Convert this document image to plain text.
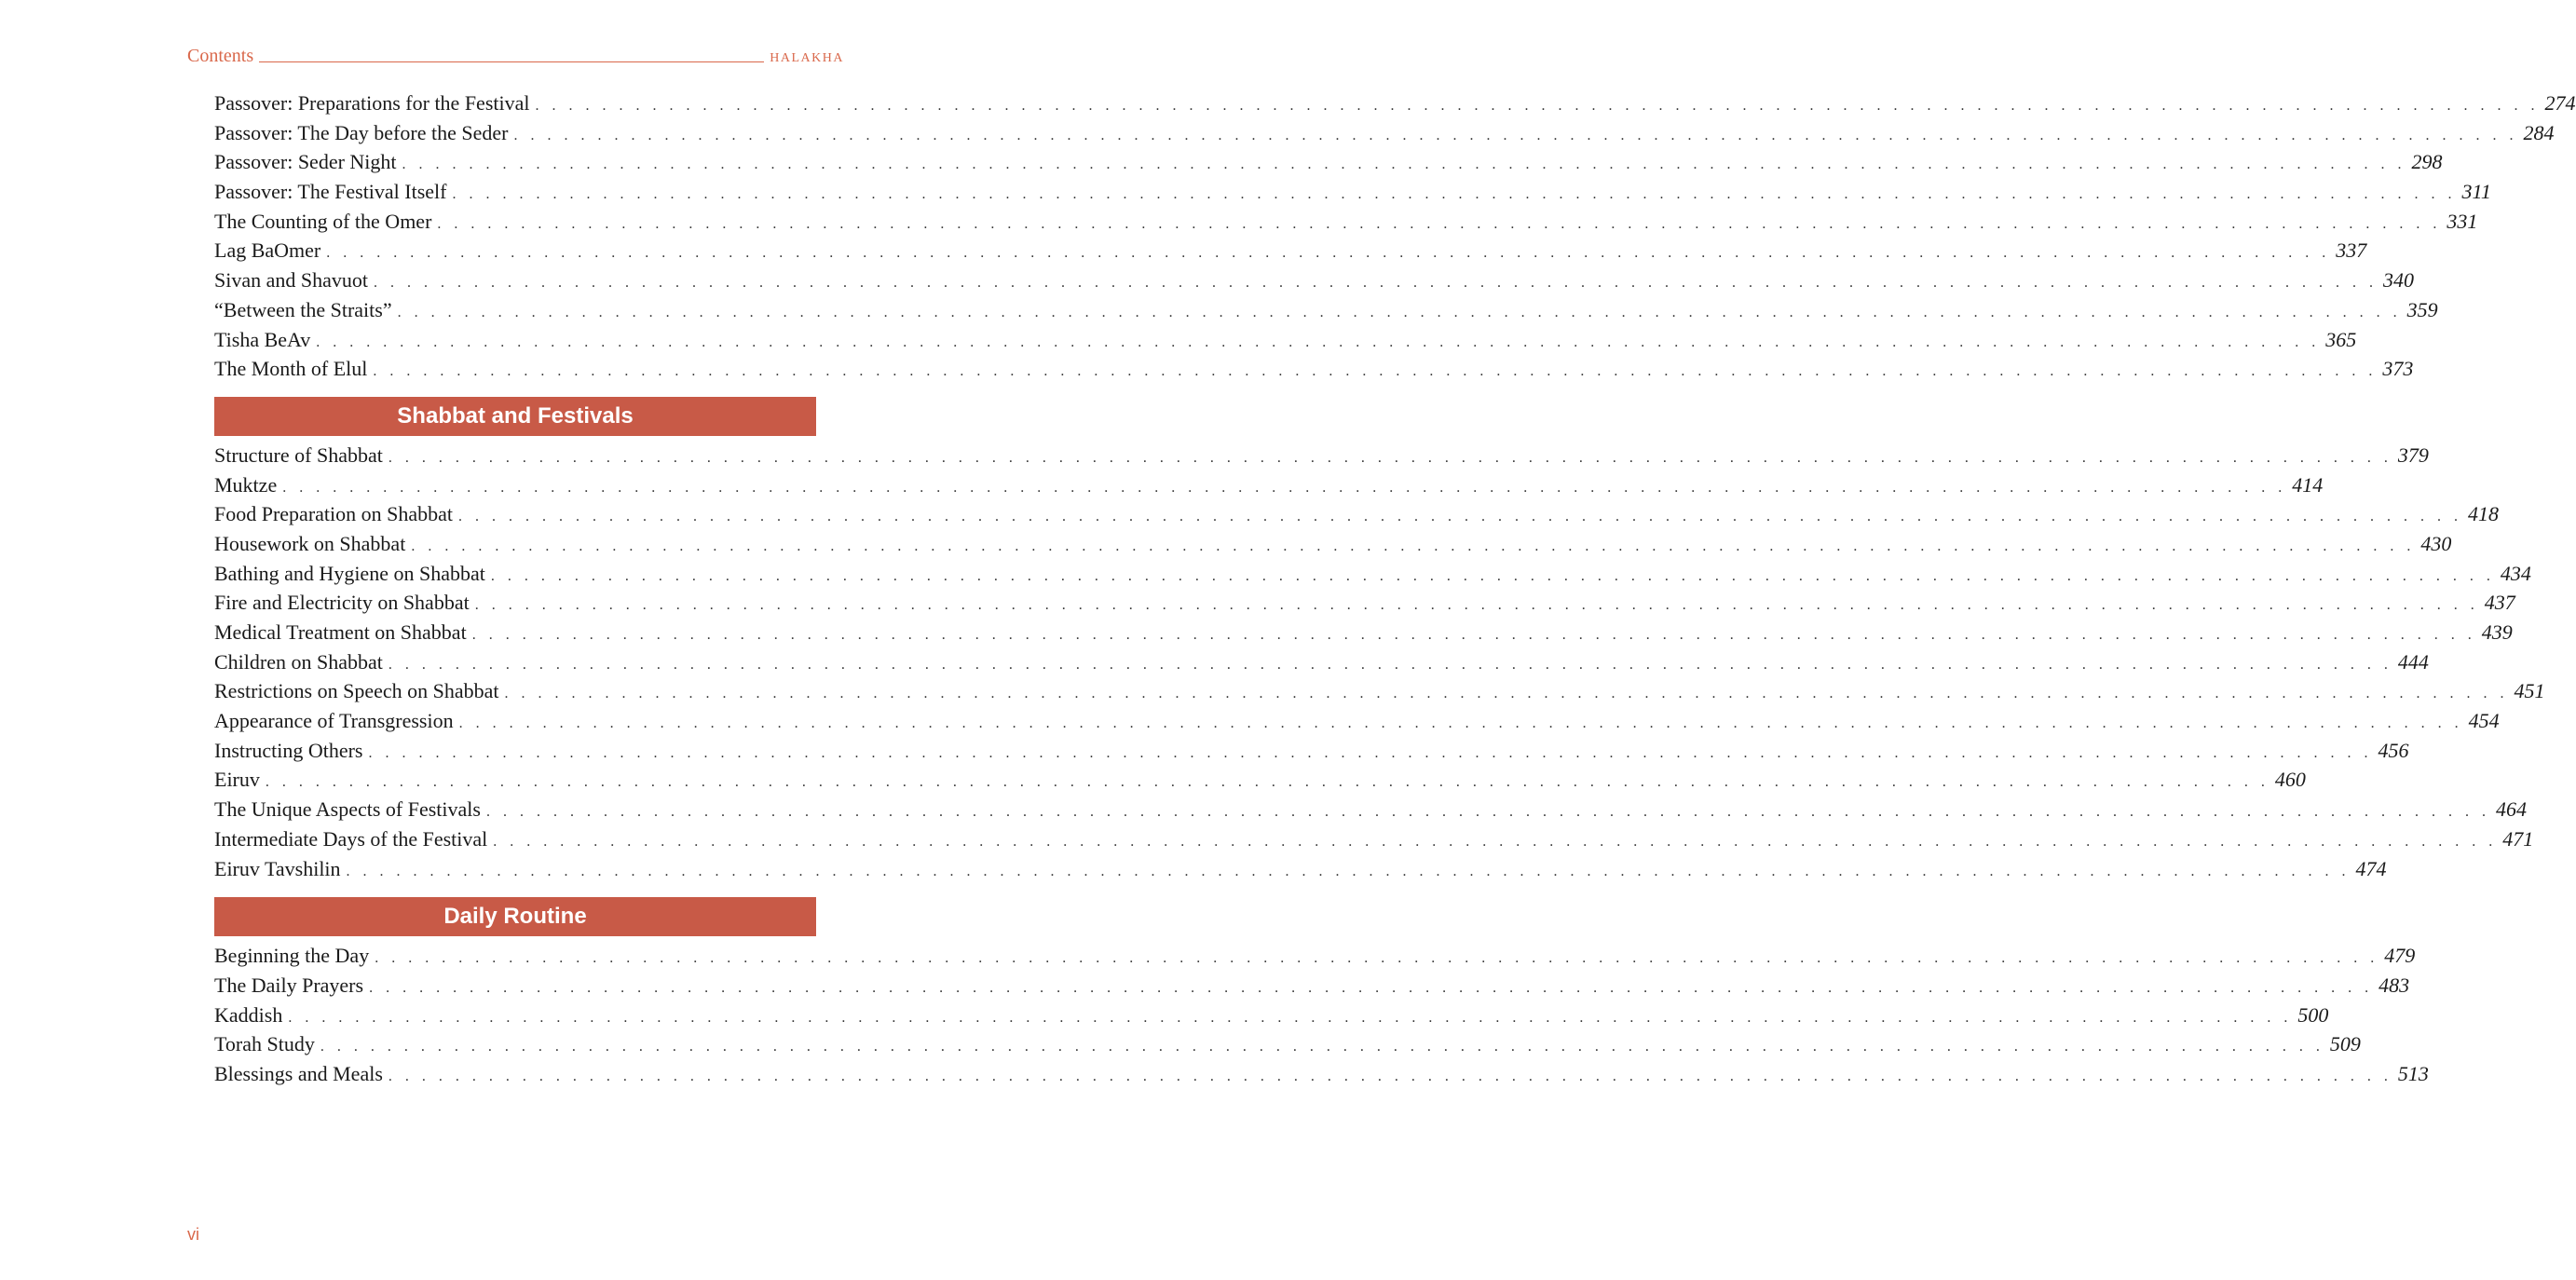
Contents	HALAKHA
Passover: Preparations for the Festival . . . . . . . . . . . . . . . . . . . . . . . . . . . . . . . . . . . . . . . . . . . . . . . . . . . . . . . . . . . . . . . . . . . . . . . . . . . . . . . . . . . . . . . . . . . . . . . . . . . . . . . . . . . . . . . . . . . . . . . . 274
Passover: The Day before the Seder . . . . . . . . . . . . . . . . . . . . . . . . . . . . . . . . . . . . . . . . . . . . . . . . . . . . . . . . . . . . . . . . . . . . . . . . . . . . . . . . . . . . . . . . . . . . . . . . . . . . . . . . . . . . . . . . . . . . . . . . 284
Passover: Seder Night . . . . . . . . . . . . . . . . . . . . . . . . . . . . . . . . . . . . . . . . . . . . . . . . . . . . . . . . . . . . . . . . . . . . . . . . . . . . . . . . . . . . . . . . . . . . . . . . . . . . . . . . . . . . . . . . . . . . . . . . 298
Passover: The Festival Itself . . . . . . . . . . . . . . . . . . . . . . . . . . . . . . . . . . . . . . . . . . . . . . . . . . . . . . . . . . . . . . . . . . . . . . . . . . . . . . . . . . . . . . . . . . . . . . . . . . . . . . . . . . . . . . . . . . . . . . . . 311
The Counting of the Omer . . . . . . . . . . . . . . . . . . . . . . . . . . . . . . . . . . . . . . . . . . . . . . . . . . . . . . . . . . . . . . . . . . . . . . . . . . . . . . . . . . . . . . . . . . . . . . . . . . . . . . . . . . . . . . . . . . . . . . . . 331
Lag BaOmer . . . . . . . . . . . . . . . . . . . . . . . . . . . . . . . . . . . . . . . . . . . . . . . . . . . . . . . . . . . . . . . . . . . . . . . . . . . . . . . . . . . . . . . . . . . . . . . . . . . . . . . . . . . . . . . . . . . . . . . . 337
Sivan and Shavuot . . . . . . . . . . . . . . . . . . . . . . . . . . . . . . . . . . . . . . . . . . . . . . . . . . . . . . . . . . . . . . . . . . . . . . . . . . . . . . . . . . . . . . . . . . . . . . . . . . . . . . . . . . . . . . . . . . . . . . . . 340
“Between the Straits” . . . . . . . . . . . . . . . . . . . . . . . . . . . . . . . . . . . . . . . . . . . . . . . . . . . . . . . . . . . . . . . . . . . . . . . . . . . . . . . . . . . . . . . . . . . . . . . . . . . . . . . . . . . . . . . . . . . . . . . . 359
Tisha BeAv . . . . . . . . . . . . . . . . . . . . . . . . . . . . . . . . . . . . . . . . . . . . . . . . . . . . . . . . . . . . . . . . . . . . . . . . . . . . . . . . . . . . . . . . . . . . . . . . . . . . . . . . . . . . . . . . . . . . . . . . 365
The Month of Elul . . . . . . . . . . . . . . . . . . . . . . . . . . . . . . . . . . . . . . . . . . . . . . . . . . . . . . . . . . . . . . . . . . . . . . . . . . . . . . . . . . . . . . . . . . . . . . . . . . . . . . . . . . . . . . . . . . . . . . . . 373
Shabbat and Festivals
Structure of Shabbat . . . . . . . . . . . . . . . . . . . . . . . . . . . . . . . . . . . . . . . . . . . . . . . . . . . . . . . . . . . . . . . . . . . . . . . . . . . . . . . . . . . . . . . . . . . . . . . . . . . . . . . . . . . . . . . . . . . . . . . . 379
Muktze . . . . . . . . . . . . . . . . . . . . . . . . . . . . . . . . . . . . . . . . . . . . . . . . . . . . . . . . . . . . . . . . . . . . . . . . . . . . . . . . . . . . . . . . . . . . . . . . . . . . . . . . . . . . . . . . . . . . . . . . 414
Food Preparation on Shabbat . . . . . . . . . . . . . . . . . . . . . . . . . . . . . . . . . . . . . . . . . . . . . . . . . . . . . . . . . . . . . . . . . . . . . . . . . . . . . . . . . . . . . . . . . . . . . . . . . . . . . . . . . . . . . . . . . . . . . . . . 418
Housework on Shabbat . . . . . . . . . . . . . . . . . . . . . . . . . . . . . . . . . . . . . . . . . . . . . . . . . . . . . . . . . . . . . . . . . . . . . . . . . . . . . . . . . . . . . . . . . . . . . . . . . . . . . . . . . . . . . . . . . . . . . . . . 430
Bathing and Hygiene on Shabbat . . . . . . . . . . . . . . . . . . . . . . . . . . . . . . . . . . . . . . . . . . . . . . . . . . . . . . . . . . . . . . . . . . . . . . . . . . . . . . . . . . . . . . . . . . . . . . . . . . . . . . . . . . . . . . . . . . . . . . . . 434
Fire and Electricity on Shabbat . . . . . . . . . . . . . . . . . . . . . . . . . . . . . . . . . . . . . . . . . . . . . . . . . . . . . . . . . . . . . . . . . . . . . . . . . . . . . . . . . . . . . . . . . . . . . . . . . . . . . . . . . . . . . . . . . . . . . . . . 437
Medical Treatment on Shabbat . . . . . . . . . . . . . . . . . . . . . . . . . . . . . . . . . . . . . . . . . . . . . . . . . . . . . . . . . . . . . . . . . . . . . . . . . . . . . . . . . . . . . . . . . . . . . . . . . . . . . . . . . . . . . . . . . . . . . . . . 439
Children on Shabbat . . . . . . . . . . . . . . . . . . . . . . . . . . . . . . . . . . . . . . . . . . . . . . . . . . . . . . . . . . . . . . . . . . . . . . . . . . . . . . . . . . . . . . . . . . . . . . . . . . . . . . . . . . . . . . . . . . . . . . . . 444
Restrictions on Speech on Shabbat . . . . . . . . . . . . . . . . . . . . . . . . . . . . . . . . . . . . . . . . . . . . . . . . . . . . . . . . . . . . . . . . . . . . . . . . . . . . . . . . . . . . . . . . . . . . . . . . . . . . . . . . . . . . . . . . . . . . . . . . 451
Appearance of Transgression . . . . . . . . . . . . . . . . . . . . . . . . . . . . . . . . . . . . . . . . . . . . . . . . . . . . . . . . . . . . . . . . . . . . . . . . . . . . . . . . . . . . . . . . . . . . . . . . . . . . . . . . . . . . . . . . . . . . . . . . 454
Instructing Others . . . . . . . . . . . . . . . . . . . . . . . . . . . . . . . . . . . . . . . . . . . . . . . . . . . . . . . . . . . . . . . . . . . . . . . . . . . . . . . . . . . . . . . . . . . . . . . . . . . . . . . . . . . . . . . . . . . . . . . . 456
Eiruv . . . . . . . . . . . . . . . . . . . . . . . . . . . . . . . . . . . . . . . . . . . . . . . . . . . . . . . . . . . . . . . . . . . . . . . . . . . . . . . . . . . . . . . . . . . . . . . . . . . . . . . . . . . . . . . . . . . . . . . . 460
The Unique Aspects of Festivals . . . . . . . . . . . . . . . . . . . . . . . . . . . . . . . . . . . . . . . . . . . . . . . . . . . . . . . . . . . . . . . . . . . . . . . . . . . . . . . . . . . . . . . . . . . . . . . . . . . . . . . . . . . . . . . . . . . . . . . . 464
Intermediate Days of the Festival . . . . . . . . . . . . . . . . . . . . . . . . . . . . . . . . . . . . . . . . . . . . . . . . . . . . . . . . . . . . . . . . . . . . . . . . . . . . . . . . . . . . . . . . . . . . . . . . . . . . . . . . . . . . . . . . . . . . . . . . 471
Eiruv Tavshilin . . . . . . . . . . . . . . . . . . . . . . . . . . . . . . . . . . . . . . . . . . . . . . . . . . . . . . . . . . . . . . . . . . . . . . . . . . . . . . . . . . . . . . . . . . . . . . . . . . . . . . . . . . . . . . . . . . . . . . . . 474
Daily Routine
Beginning the Day . . . . . . . . . . . . . . . . . . . . . . . . . . . . . . . . . . . . . . . . . . . . . . . . . . . . . . . . . . . . . . . . . . . . . . . . . . . . . . . . . . . . . . . . . . . . . . . . . . . . . . . . . . . . . . . . . . . . . . . . 479
The Daily Prayers . . . . . . . . . . . . . . . . . . . . . . . . . . . . . . . . . . . . . . . . . . . . . . . . . . . . . . . . . . . . . . . . . . . . . . . . . . . . . . . . . . . . . . . . . . . . . . . . . . . . . . . . . . . . . . . . . . . . . . . . 483
Kaddish . . . . . . . . . . . . . . . . . . . . . . . . . . . . . . . . . . . . . . . . . . . . . . . . . . . . . . . . . . . . . . . . . . . . . . . . . . . . . . . . . . . . . . . . . . . . . . . . . . . . . . . . . . . . . . . . . . . . . . . . 500
Torah Study . . . . . . . . . . . . . . . . . . . . . . . . . . . . . . . . . . . . . . . . . . . . . . . . . . . . . . . . . . . . . . . . . . . . . . . . . . . . . . . . . . . . . . . . . . . . . . . . . . . . . . . . . . . . . . . . . . . . . . . . 509
Blessings and Meals . . . . . . . . . . . . . . . . . . . . . . . . . . . . . . . . . . . . . . . . . . . . . . . . . . . . . . . . . . . . . . . . . . . . . . . . . . . . . . . . . . . . . . . . . . . . . . . . . . . . . . . . . . . . . . . . . . . . . . . . 513
vi
